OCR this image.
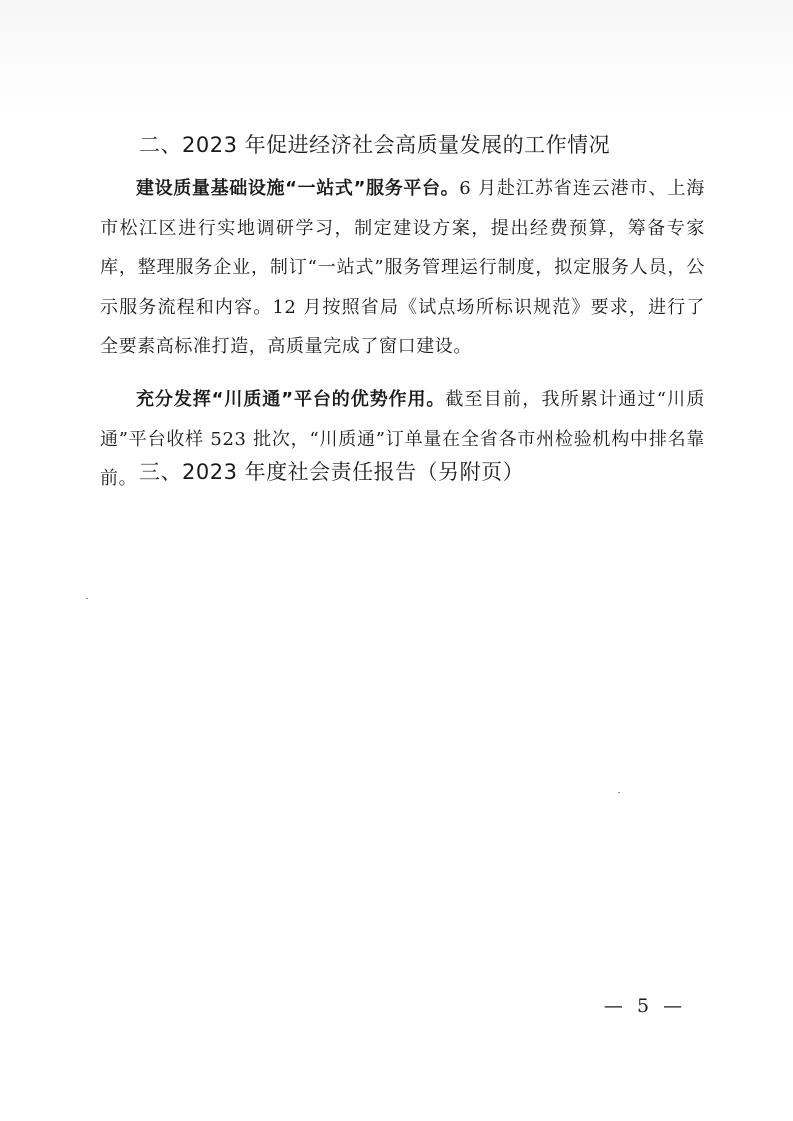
二、2023 年促进经济社会高质量发展的工作情况
建设质量基础设施“一站式”服务平台。6 月赴江苏省连云港市、上海市松江区进行实地调研学习，制定建设方案，提出经费预算，筹备专家库，整理服务企业，制订“一站式”服务管理运行制度，拟定服务人员，公示服务流程和内容。12 月按照省局《试点场所标识规范》要求，进行了全要素高标准打造，高质量完成了窗口建设。
充分发挥“川质通”平台的优势作用。截至目前，我所累计通过“川质通”平台收样 523 批次，“川质通”订单量在全省各市州检验机构中排名靠前。 三、2023 年度社会责任报告（另附页）
— 5 —
